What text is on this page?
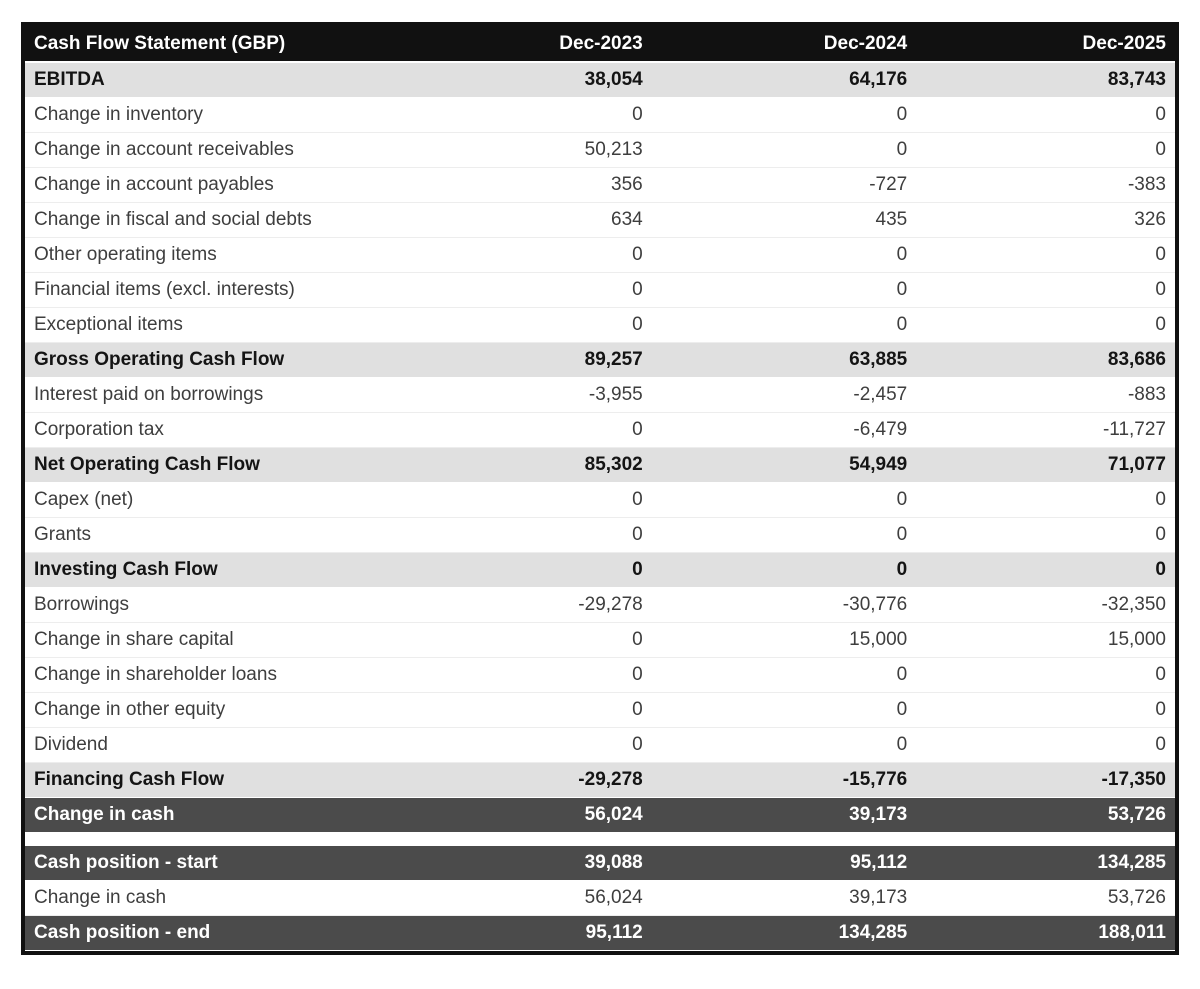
Cash Flow Statement (GBP)	Dec-2023	Dec-2024	Dec-2025
EBITDA	38,054	64,176	83,743
Change in inventory	0	0	0
Change in account receivables	50,213	0	0
Change in account payables	356	-727	-383
Change in fiscal and social debts	634	435	326
Other operating items	0	0	0
Financial items (excl. interests)	0	0	0
Exceptional items	0	0	0
Gross Operating Cash Flow	89,257	63,885	83,686
Interest paid on borrowings	-3,955	-2,457	-883
Corporation tax	0	-6,479	-11,727
Net Operating Cash Flow	85,302	54,949	71,077
Capex (net)	0	0	0
Grants	0	0	0
Investing Cash Flow	0	0	0
Borrowings	-29,278	-30,776	-32,350
Change in share capital	0	15,000	15,000
Change in shareholder loans	0	0	0
Change in other equity	0	0	0
Dividend	0	0	0
Financing Cash Flow	-29,278	-15,776	-17,350
Change in cash	56,024	39,173	53,726
Cash position - start	39,088	95,112	134,285
Change in cash	56,024	39,173	53,726
Cash position - end	95,112	134,285	188,011
